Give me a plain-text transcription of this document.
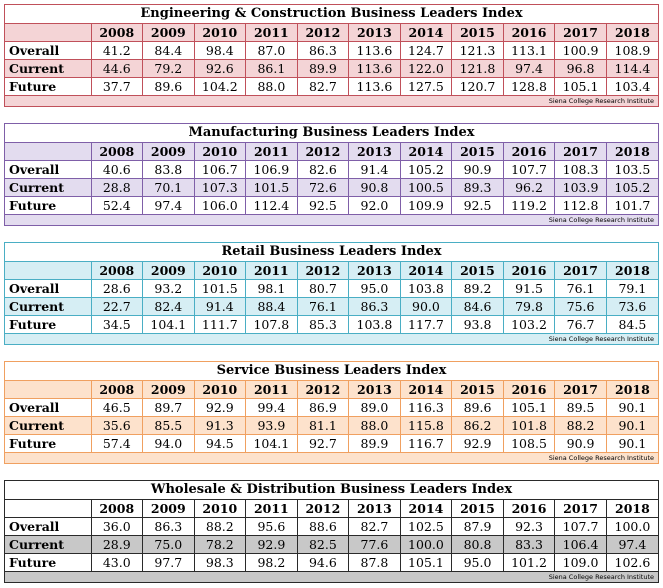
Engineering & Construction Business Leaders Index
	2008	2009	2010	2011	2012	2013	2014	2015	2016	2017	2018
Overall	41.2	84.4	98.4	87.0	86.3	113.6	124.7	121.3	113.1	100.9	108.9
Current	44.6	79.2	92.6	86.1	89.9	113.6	122.0	121.8	97.4	96.8	114.4
Future	37.7	89.6	104.2	88.0	82.7	113.6	127.5	120.7	128.8	105.1	103.4
Siena College Research Institute
Manufacturing Business Leaders Index
	2008	2009	2010	2011	2012	2013	2014	2015	2016	2017	2018
Overall	40.6	83.8	106.7	106.9	82.6	91.4	105.2	90.9	107.7	108.3	103.5
Current	28.8	70.1	107.3	101.5	72.6	90.8	100.5	89.3	96.2	103.9	105.2
Future	52.4	97.4	106.0	112.4	92.5	92.0	109.9	92.5	119.2	112.8	101.7
Siena College Research Institute
Retail Business Leaders Index
	2008	2009	2010	2011	2012	2013	2014	2015	2016	2017	2018
Overall	28.6	93.2	101.5	98.1	80.7	95.0	103.8	89.2	91.5	76.1	79.1
Current	22.7	82.4	91.4	88.4	76.1	86.3	90.0	84.6	79.8	75.6	73.6
Future	34.5	104.1	111.7	107.8	85.3	103.8	117.7	93.8	103.2	76.7	84.5
Siena College Research Institute
Service Business Leaders Index
	2008	2009	2010	2011	2012	2013	2014	2015	2016	2017	2018
Overall	46.5	89.7	92.9	99.4	86.9	89.0	116.3	89.6	105.1	89.5	90.1
Current	35.6	85.5	91.3	93.9	81.1	88.0	115.8	86.2	101.8	88.2	90.1
Future	57.4	94.0	94.5	104.1	92.7	89.9	116.7	92.9	108.5	90.9	90.1
Siena College Research Institute
Wholesale & Distribution Business Leaders Index
	2008	2009	2010	2011	2012	2013	2014	2015	2016	2017	2018
Overall	36.0	86.3	88.2	95.6	88.6	82.7	102.5	87.9	92.3	107.7	100.0
Current	28.9	75.0	78.2	92.9	82.5	77.6	100.0	80.8	83.3	106.4	97.4
Future	43.0	97.7	98.3	98.2	94.6	87.8	105.1	95.0	101.2	109.0	102.6
Siena College Research Institute
